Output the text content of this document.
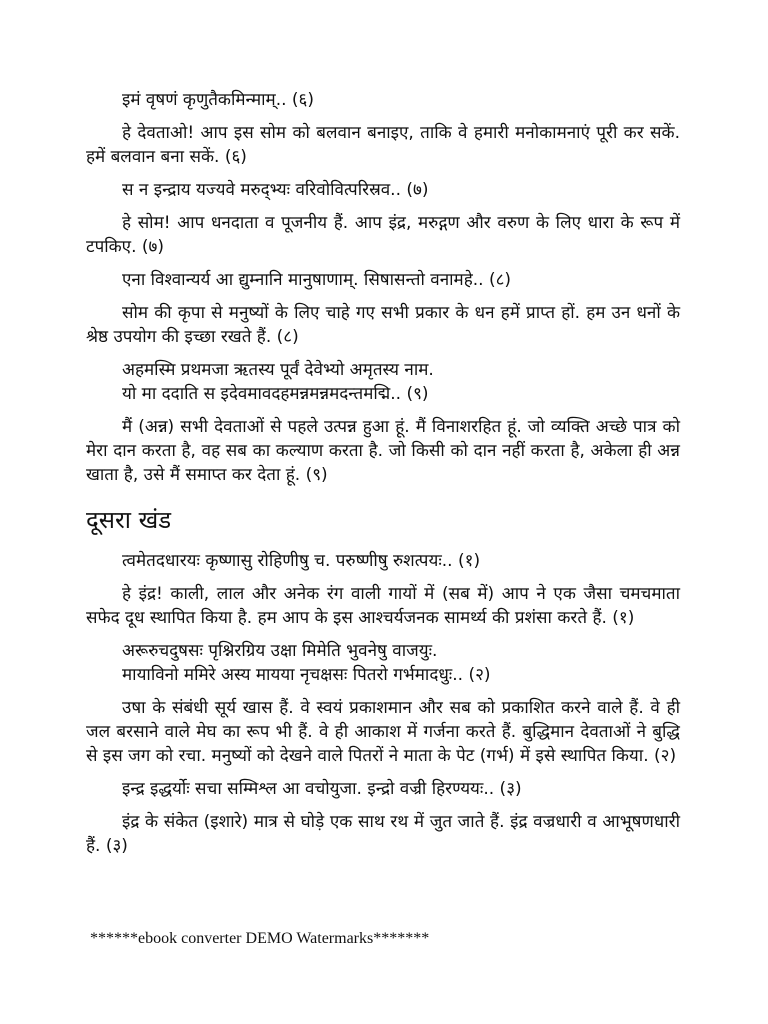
इमं वृषणं कृणुतैकमिन्माम्.. (६)

हे देवताओ! आप इस सोम को बलवान बनाइए, ताकि वे हमारी मनोकामनाएं पूरी कर सकें. हमें बलवान बना सकें. (६)

स न इन्द्राय यज्यवे मरुद्भ्यः वरिवोवित्परिस्रव.. (७)

हे सोम! आप धनदाता व पूजनीय हैं. आप इंद्र, मरुद्गण और वरुण के लिए धारा के रूप में टपकिए. (७)

एना विश्वान्यर्य आ द्युम्नानि मानुषाणाम्. सिषासन्तो वनामहे.. (८)

सोम की कृपा से मनुष्यों के लिए चाहे गए सभी प्रकार के धन हमें प्राप्त हों. हम उन धनों के श्रेष्ठ उपयोग की इच्छा रखते हैं. (८)

अहमस्मि प्रथमजा ऋतस्य पूर्वं देवेभ्यो अमृतस्य नाम.
यो मा ददाति स इदेवमावदहमन्नमन्नमदन्तमद्मि.. (९)

मैं (अन्न) सभी देवताओं से पहले उत्पन्न हुआ हूं. मैं विनाशरहित हूं. जो व्यक्ति अच्छे पात्र को मेरा दान करता है, वह सब का कल्याण करता है. जो किसी को दान नहीं करता है, अकेला ही अन्न खाता है, उसे मैं समाप्त कर देता हूं. (९)

दूसरा खंड
त्वमेतदधारयः कृष्णासु रोहिणीषु च. परुष्णीषु रुशत्पयः.. (१)

हे इंद्र! काली, लाल और अनेक रंग वाली गायों में (सब में) आप ने एक जैसा चमचमाता सफेद दूध स्थापित किया है. हम आप के इस आश्चर्यजनक सामर्थ्य की प्रशंसा करते हैं. (१)

अरूरुचदुषसः पृश्निरग्रिय उक्षा मिमेति भुवनेषु वाजयुः.
मायाविनो ममिरे अस्य मायया नृचक्षसः पितरो गर्भमादधुः.. (२)

उषा के संबंधी सूर्य खास हैं. वे स्वयं प्रकाशमान और सब को प्रकाशित करने वाले हैं. वे ही जल बरसाने वाले मेघ का रूप भी हैं. वे ही आकाश में गर्जना करते हैं. बुद्धिमान देवताओं ने बुद्धि से इस जग को रचा. मनुष्यों को देखने वाले पितरों ने माता के पेट (गर्भ) में इसे स्थापित किया. (२)

इन्द्र इद्धर्योः सचा सम्मिश्ल आ वचोयुजा. इन्द्रो वज्री हिरण्ययः.. (३)

इंद्र के संकेत (इशारे) मात्र से घोड़े एक साथ रथ में जुत जाते हैं. इंद्र वज्रधारी व आभूषणधारी हैं. (३)

******ebook converter DEMO Watermarks*******
